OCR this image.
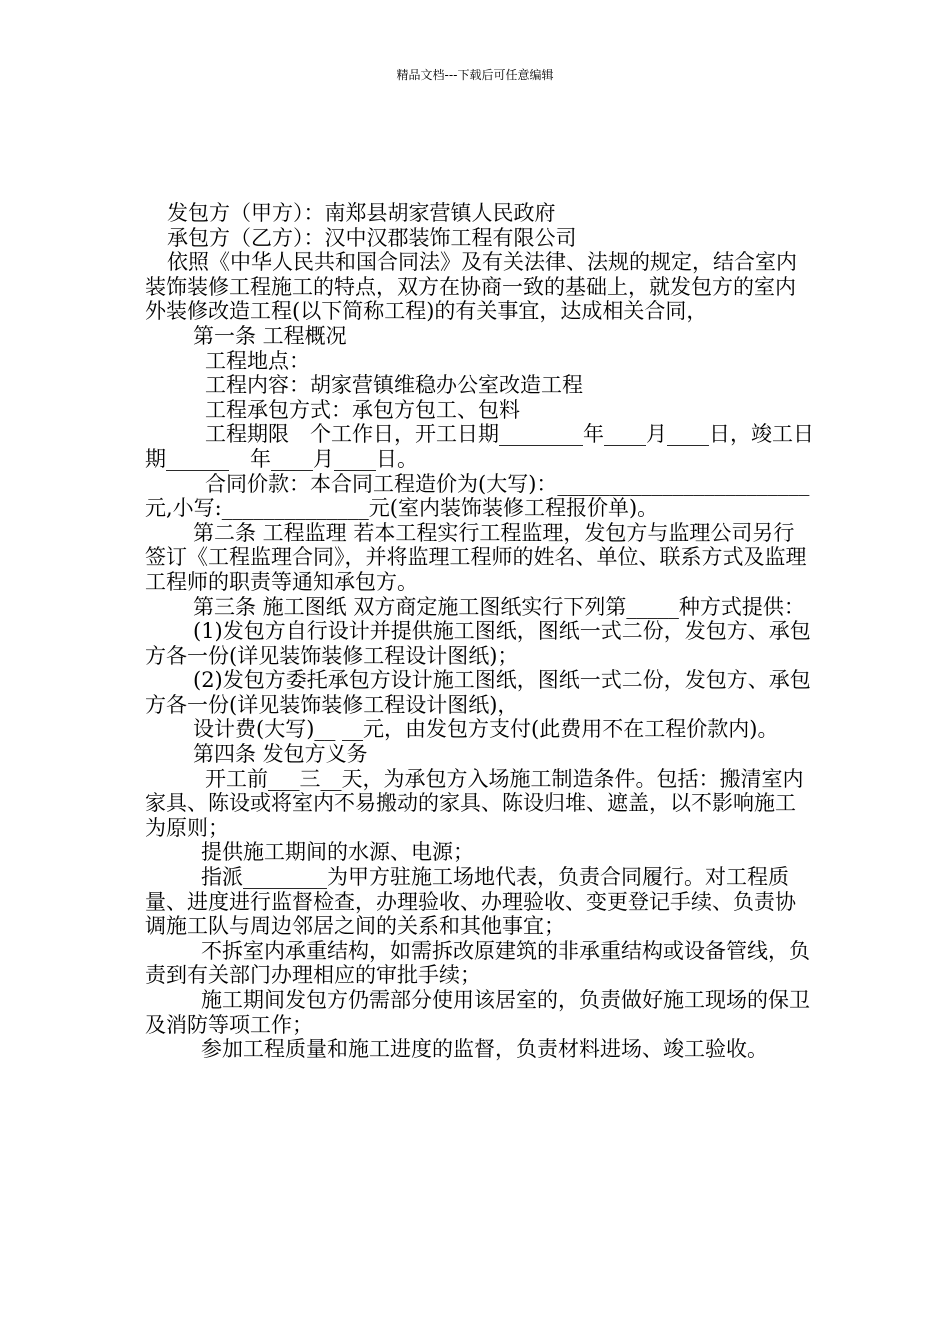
精品文档---下载后可任意编辑

发包方（甲方）：南郑县胡家营镇人民政府

承包方（乙方）：汉中汉郡装饰工程有限公司

依照《中华人民共和国合同法》及有关法律、法规的规定，结合室内装饰装修工程施工的特点，双方在协商一致的基础上，就发包方的室内外装修改造工程(以下简称工程)的有关事宜，达成相关合同，

第一条 工程概况

工程地点：

工程内容：胡家营镇维稳办公室改造工程

工程承包方式：承包方包工、包料

工程期限　个工作日，开工日期________年____月____日，竣工日期______　年____月____日。

合同价款：本合同工程造价为(大写)：________________________　元,小写:______________元(室内装饰装修工程报价单)。

第二条 工程监理 若本工程实行工程监理，发包方与监理公司另行签订《工程监理合同》，并将监理工程师的姓名、单位、联系方式及监理工程师的职责等通知承包方。

第三条 施工图纸 双方商定施工图纸实行下列第_____种方式提供：

(1)发包方自行设计并提供施工图纸，图纸一式二份，发包方、承包方各一份(详见装饰装修工程设计图纸)；

(2)发包方委托承包方设计施工图纸，图纸一式二份，发包方、承包方各一份(详见装饰装修工程设计图纸)，

设计费(大写)__ __元，由发包方支付(此费用不在工程价款内)。

第四条 发包方义务

开工前___三__天，为承包方入场施工制造条件。包括：搬清室内家具、陈设或将室内不易搬动的家具、陈设归堆、遮盖，以不影响施工为原则；

提供施工期间的水源、电源；

指派________为甲方驻施工场地代表，负责合同履行。对工程质量、进度进行监督检查，办理验收、办理验收、变更登记手续、负责协调施工队与周边邻居之间的关系和其他事宜；

不拆室内承重结构，如需拆改原建筑的非承重结构或设备管线，负责到有关部门办理相应的审批手续；

施工期间发包方仍需部分使用该居室的，负责做好施工现场的保卫及消防等项工作；

参加工程质量和施工进度的监督，负责材料进场、竣工验收。
